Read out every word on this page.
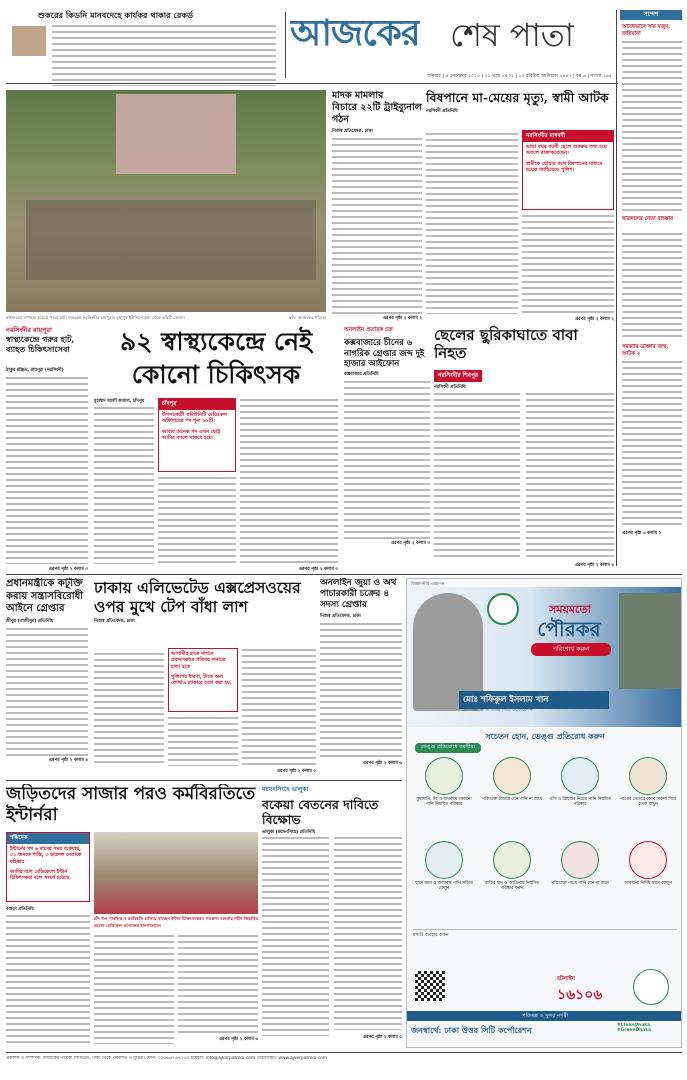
শুকরের কিডনি মানবদেহে কার্যকর থাকার রেকর্ড	আজকের শেষ পাতা
শনিবার | ৫ সেপ্টেম্বর ২০২৫ | ২১ ভাদ্র ১৪৩২ | ১২ রবিউল আউয়াল ১৪৪৭ | বর্ষ ৬ | সংখ্যা ১৬৫
সন্দেশ
অবৈধভাবে সার মজুদ, জরিমানা
ছাত্রদলের নেতা বহিষ্কার
সরকারি ডাক্তার জন্ম, আটক ২
এরপর পৃষ্ঠা ৬ কলাম ১
মাইজড্ডে বাসানো হয়েছে পশুর হাট। শতরকম নরসিংদীর রায়পুরার মুছাপুর ইউনিয়ন ছয়া থেকে ছবিটি তোলা।	ছবি: আজকের পত্রিকা
মাদক মামলার
বিচারে ২২টি ট্রাইব্যুনাল গঠন
নিজস্ব প্রতিবেদক, ঢাকা
এরপর পৃষ্ঠা ২ কলাম ২
বিষপানে মা-মেয়ের মৃত্যু, স্বামী আটক
নরসিংদী প্রতিনিধি
নরসিংদীর মাধবদী
ভাড়া বছর বয়সী ছেলে শুকরুর তথ্য হয়ে অবলে রাজাকরেছেন।
স্বামীকে ছোয়ার কথে বিষপানের মাধ্যমে ছয়েক জাহিয়েছে পুলিশ।
এরপর পৃষ্ঠা ২ কলাম ২
নরসিংদীর রায়পুরা
স্বাস্থ্যকেন্দ্রে গরুর হাট, ব্যাহত চিকিৎসাসেবা
ঠাকুর রঞ্জিত, রায়পুরা (নরসিংদী)
এরপর পৃষ্ঠা ২ কলাম ৩
৯২ স্বাস্থ্যকেন্দ্রে নেই কোনো চিকিৎসক
মুহাম্মদ আলী কামাল, চাঁদপুর	চাঁদপুর
উপসহকারী কমিউনিটি মেডিকেল অফিসারের পদ শূন্য ৬১টি।
আবার অনেক পদ এখন ছোট্ট আমির বদলে থাকবে হয়ে।
এরপর পৃষ্ঠা ২ কলাম ৩
অনলাইন প্রতারক চক্র
কক্সবাজারে চীনের ৬ নাগরিক গ্রেপ্তার জব্দ দুই হাজার আইফোন
কক্সবাজার প্রতিনিধি
এরপর পৃষ্ঠা ২ কলাম ৩
ছেলের ছুরিকাঘাতে বাবা নিহত
নরসিংদীর শিবপুর
নরসিংদী প্রতিনিধি
এরপর পৃষ্ঠা ২ কলাম ৪
প্রধানমন্ত্রীকে কটূক্তি করায় সন্ত্রাসবিরোধী আইনে গ্রেপ্তার
শ্রীপুর (গাজীপুর) প্রতিনিধি
এরপর পৃষ্ঠা ২ কলাম ৪
ঢাকায় এলিভেটেড এক্সপ্রেসওয়ের ওপর মুখে টেপ বাঁধা লাশ
নিজস্ব প্রতিবেদক, ঢাকা
আগামীর হাতে নাগনে প্রবানসকারে গতিবর দানাতে হত্যা হতে
পুলিশের ধারণা, টাকে অন্য কোথাও হ্যাকারে হত্যা করা হয়।
এরপর পৃষ্ঠা ২ কলাম ৫
অনলাইন জুয়া ও অর্থ পাচারকারী চক্রের ৪ সদস্য গ্রেপ্তার
নিজস্ব প্রতিবেদক, ঢাকা
এরপর পৃষ্ঠা ২ কলাম ৬
জড়িতদের সাজার পরও কর্মবিরতিতে ইন্টার্নরা
শঙ্কিমেক
ইন্টার্নের পদ ৬ মাসের সময় বকেয়াছ, ৩১ জনকে শাস্তি, ৩ ছাত্রদল নেতাকে বহিষ্কার
আমির বলে মেডিকেলে ইন্টার্ন চিকিৎসকরা বলে সংঘর্ষ হয়েছে
চাঁদ খণ্ড পাবলিক ব কর্মবিরতি চালিয়ে যাচ্ছেন ইন্টার্ন চিকিৎসকেরা। গতকাল বগুড়ার শহীদ জিয়াউর রহমান মেডিকেল কলেজের হাসপাতালে।
বগুড়া প্রতিনিধি
এরপর পৃষ্ঠা ২ কলাম ৬
ময়মনসিংহে ভালুকা
বকেয়া বেতনের দাবিতে বিক্ষোভ
ভালুকা (ময়মনসিংহ) প্রতিনিধি
এরপর পৃষ্ঠা ২ কলাম ৫
বিজ্ঞাপনীর প্রজ্ঞাপন
সময়মতো
পৌরকর
পরিশোধ করুন
মোঃ শফিকুল ইসলাম খান
প্রশাসক, ঢাকা উত্তর সিটি কর্পোরেশন
সচেতন হোন, ডেঙ্গু প্রতিরোধ করুন
ডেঙ্গু প্রতিরোধে করণীয়:
ফুলদানি, টব ও বাথরুমে জমানো পানি নিয়মিত পরিষ্কার
পরিত্যক্ত টায়ারে যেন পানি না জমে এসি ও ফ্রিজের নিচের পানি নিয়মিত পরিষ্কার
পাত্রের ভেতরে কোন ঢাকনা দিয়ে ঢেকে রাখুন
ছাদে জমা ও জলাবদ্ধ পানি সরিয়ে ফেলুন
বাড়ির ছাদ ও আঙিনায় নিয়মিত পরিষ্কার করুন
পরিত্যক্ত পাত্রে পানি যেন না জমে	আবর্জনা নির্দিষ্ট স্থানে ফেলুন
মশারি ব্যবহার করুন
হটলাইন
১৬১০৬
পরিচ্ছন্ন ও সুন্দর নগরী
জনস্বার্থে: ঢাকা উত্তর সিটি কর্পোরেশন	#CleanDhaka #GreenDhaka
প্রকাশক ও সম্পাদক: আজকের পত্রিকা লিমিটেড, ঢাকা থেকে প্রকাশিত ও মুদ্রিত। ফোন: ০৯৬৬৬৭৬৭২৬০ ইমেইল: info@ajkerpatrika.com ওয়েবসাইট: www.ajkerpatrika.com
